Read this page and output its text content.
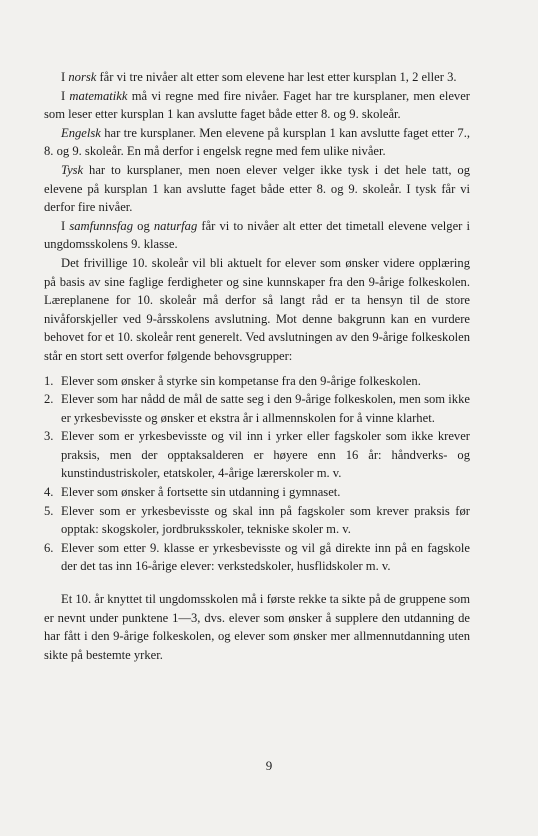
I norsk får vi tre nivåer alt etter som elevene har lest etter kursplan 1, 2 eller 3.

I matematikk må vi regne med fire nivåer. Faget har tre kursplaner, men elever som leser etter kursplan 1 kan avslutte faget både etter 8. og 9. skoleår.

Engelsk har tre kursplaner. Men elevene på kursplan 1 kan avslutte faget etter 7., 8. og 9. skoleår. En må derfor i engelsk regne med fem ulike nivåer.

Tysk har to kursplaner, men noen elever velger ikke tysk i det hele tatt, og elevene på kursplan 1 kan avslutte faget både etter 8. og 9. skoleår. I tysk får vi derfor fire nivåer.

I samfunnsfag og naturfag får vi to nivåer alt etter det timetall elevene velger i ungdomsskolens 9. klasse.

Det frivillige 10. skoleår vil bli aktuelt for elever som ønsker videre opplæring på basis av sine faglige ferdigheter og sine kunnskaper fra den 9-årige folkeskolen. Læreplanene for 10. skoleår må derfor så langt råd er ta hensyn til de store nivåforskjeller ved 9-årsskolens avslutning. Mot denne bakgrunn kan en vurdere behovet for et 10. skoleår rent generelt. Ved avslutningen av den 9-årige folkeskolen står en stort sett overfor følgende behovsgrupper:

1. Elever som ønsker å styrke sin kompetanse fra den 9-årige folkeskolen.
2. Elever som har nådd de mål de satte seg i den 9-årige folkeskolen, men som ikke er yrkesbevisste og ønsker et ekstra år i allmennskolen for å vinne klarhet.
3. Elever som er yrkesbevisste og vil inn i yrker eller fagskoler som ikke krever praksis, men der opptaksalderen er høyere enn 16 år: håndverks- og kunstindustriskoler, etatskoler, 4-årige lærerskoler m. v.
4. Elever som ønsker å fortsette sin utdanning i gymnaset.
5. Elever som er yrkesbevisste og skal inn på fagskoler som krever praksis før opptak: skogskoler, jordbruksskoler, tekniske skoler m. v.
6. Elever som etter 9. klasse er yrkesbevisste og vil gå direkte inn på en fagskole der det tas inn 16-årige elever: verkstedskoler, husflidskoler m. v.

Et 10. år knyttet til ungdomsskolen må i første rekke ta sikte på de gruppene som er nevnt under punktene 1—3, dvs. elever som ønsker å supplere den utdanning de har fått i den 9-årige folkeskolen, og elever som ønsker mer allmennutdanning uten sikte på bestemte yrker.

9
